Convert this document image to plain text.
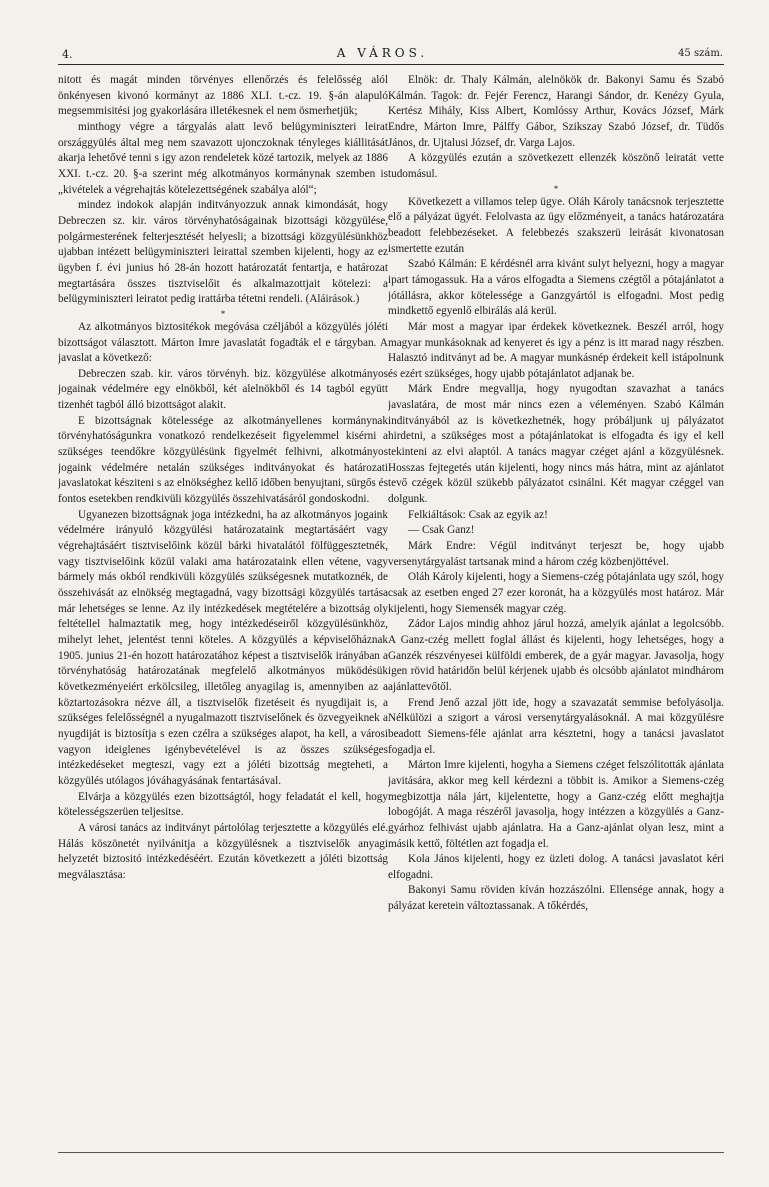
4.	A VÁROS.	45 szám.

nitott és magát minden törvényes ellenőrzés és felelősség alól önkényesen kivonó kormányt az 1886 XLI. t.-cz. 19. §-án alapuló megsemmisitési jog gyakorlására illetékesnek el nem ösmerhetjük;

minthogy végre a tárgyalás alatt levő belügyminiszteri leirat országgyülés által meg nem szavazott ujonczoknak tényleges kiállitását akarja lehetővé tenni s igy azon rendeletek közé tartozik, melyek az 1886 XXI. t.-cz. 20. §-a szerint még alkotmányos kormánynak szemben is „kivételek a végrehajtás kötelezettségének szabálya alól“;

mindez indokok alapján inditványozzuk annak kimondását, hogy Debreczen sz. kir. város törvényhatóságainak bizottsági közgyülése, polgármesterének felterjesztését helyesli; a bizottsági közgyülésünkhöz ujabban intézett belügyminiszteri leirattal szemben kijelenti, hogy az ez ügyben f. évi junius hó 28-án hozott határozatát fentartja, e határozat megtartására összes tisztviselőit és alkalmazottjait kötelezi: a belügyminiszteri leiratot pedig irattárba tétetni rendeli. (Aláirások.)

*

Az alkotmányos biztositékok megóvása czéljából a közgyülés jóléti bizottságot választott. Márton Imre javaslatát fogadták el e tárgyban. A javaslat a következő:

Debreczen szab. kir. város törvényh. biz. közgyülése alkotmányos jogainak védelmére egy elnökből, két alelnökből és 14 tagból együtt tizenhét tagból álló bizottságot alakit.

E bizottságnak kötelessége az alkotmányellenes kormánynak törvényhatóságunkra vonatkozó rendelkezéseit figyelemmel kisérni a szükséges teendőkre közgyülésünk figyelmét felhivni, alkotmányos jogaink védelmére netalán szükséges inditványokat és határozati javaslatokat késziteni s az elnökséghez kellő időben benyujtani, sürgős és fontos esetekben rendkivüli közgyülés összehivatásáról gondoskodni.

Ugyanezen bizottságnak joga intézkedni, ha az alkotmányos jogaink védelmére irányuló közgyülési határozataink megtartásáért vagy végrehajtásáért tisztviselőink közül bárki hivatalától fölfüggesztetnék, vagy tisztviselőink közül valaki ama határozataink ellen vétene, vagy bármely más okból rendkivüli közgyülés szükségesnek mutatkoznék, de összehivását az elnökség megtagadná, vagy bizottsági közgyülés tartása már lehetséges se lenne. Az ily intézkedések megtételére a bizottság oly feltétellel halmaztatik meg, hogy intézkedéseiről közgyülésünkhöz, mihelyt lehet, jelentést tenni köteles. A közgyülés a képviselőháznak 1905. junius 21-én hozott határozatához képest a tisztviselők irányában a törvényhatóság határozatának megfelelő alkotmányos müködésük következményeiért erkölcsileg, illetőleg anyagilag is, amennyiben az a köztartozásokra nézve áll, a tisztviselők fizetéseit és nyugdijait is, a szükséges felelősségnél a nyugalmazott tisztviselőnek és özvegyeiknek a nyugdiját is biztosítja s ezen czélra a szükséges alapot, ha kell, a városi vagyon ideiglenes igénybevételével is az összes szükséges intézkedéseket megteszi, vagy ezt a jóléti bizottság megteheti, a közgyülés utólagos jóváhagyásának fentartásával.

Elvárja a közgyülés ezen bizottságtól, hogy feladatát el kell, hogy kötelességszerüen teljesitse.

A városi tanács az inditványt pártolólag terjesztette a közgyülés elé. Hálás köszönetét nyilvánitja a közgyülésnek a tisztviselők anyagi helyzetét biztositó intézkedéséért. Ezután következett a jóléti bizottság megválasztása:

Elnök: dr. Thaly Kálmán, alelnökök dr. Bakonyi Samu és Szabó Kálmán. Tagok: dr. Fejér Ferencz, Harangi Sándor, dr. Kenézy Gyula, Kertész Mihály, Kiss Albert, Komlóssy Arthur, Kovács József, Márk Endre, Márton Imre, Pálffy Gábor, Szikszay Szabó József, dr. Tüdős János, dr. Ujtalusi József, dr. Varga Lajos.

A közgyülés ezután a szövetkezett ellenzék köszönő leiratát vette tudomásul.

*

Következett a villamos telep ügye. Oláh Károly tanácsnok terjesztette elő a pályázat ügyét. Felolvasta az ügy előzményeit, a tanács határozatára beadott felebbezéseket. A felebbezés szakszerü leirását kivonatosan ismertette ezután

Szabó Kálmán: E kérdésnél arra kivánt sulyt helyezni, hogy a magyar ipart támogassuk. Ha a város elfogadta a Siemens czégtől a pótajánlatot a jótállásra, akkor kötelessége a Ganzgyártól is elfogadni. Most pedig mindkettő egyenlő elbirálás alá kerül.

Már most a magyar ipar érdekek következnek. Beszél arról, hogy magyar munkásoknak ad kenyeret és igy a pénz is itt marad nagy részben. Halasztó inditványt ad be. A magyar munkásnép érdekeit kell istápolnunk és ezért szükséges, hogy ujabb pótajánlatot adjanak be.

Márk Endre megvallja, hogy nyugodtan szavazhat a tanács javaslatára, de most már nincs ezen a véleményen. Szabó Kálmán inditványából az is következhetnék, hogy próbáljunk uj pályázatot hirdetni, a szükséges most a pótajánlatokat is elfogadta és igy el kell tekinteni az elvi alaptól. A tanács magyar czéget ajánl a közgyülésnek. Hosszas fejtegetés után kijelenti, hogy nincs más hátra, mint az ajánlatot tevő czégek közül szükebb pályázatot csinálni. Két magyar czéggel van dolgunk.

Felkiáltások: Csak az egyik az!

— Csak Ganz!

Márk Endre: Végül inditványt terjeszt be, hogy ujabb versenytárgyalást tartsanak mind a három czég közbenjöttével.

Oláh Károly kijelenti, hogy a Siemens-czég pótajánlata ugy szól, hogy csak az esetben enged 27 ezer koronát, ha a közgyülés most határoz. Már kijelenti, hogy Siemensék magyar czég.

Zádor Lajos mindig ahhoz járul hozzá, amelyik ajánlat a legolcsóbb. A Ganz-czég mellett foglal állást és kijelenti, hogy lehetséges, hogy a Ganzék részvényesei külföldi emberek, de a gyár magyar. Javasolja, hogy igen rövid határidőn belül kérjenek ujabb és olcsóbb ajánlatot mindhárom ajánlattevőtől.

Frend Jenő azzal jött ide, hogy a szavazatát semmise befolyásolja. Nélkülözi a szigort a városi versenytárgyalásoknál. A mai közgyülésre beadott Siemens-féle ajánlat arra késztetni, hogy a tanácsi javaslatot fogadja el.

Márton Imre kijelenti, hogyha a Siemens czéget felszólitották ajánlata javitására, akkor meg kell kérdezni a többit is. Amikor a Siemens-czég megbizottja nála járt, kijelentette, hogy a Ganz-czég előtt meghajtja lobogóját. A maga részéről javasolja, hogy intézzen a közgyülés a Ganz-gyárhoz felhivást ujabb ajánlatra. Ha a Ganz-ajánlat olyan lesz, mint a másik kettő, föltétlen azt fogadja el.

Kola János kijelenti, hogy ez üzleti dolog. A tanácsi javaslatot kéri elfogadni.

Bakonyi Samu röviden kíván hozzászólni. Ellensége annak, hogy a pályázat keretein változtassanak. A tőkérdés,
